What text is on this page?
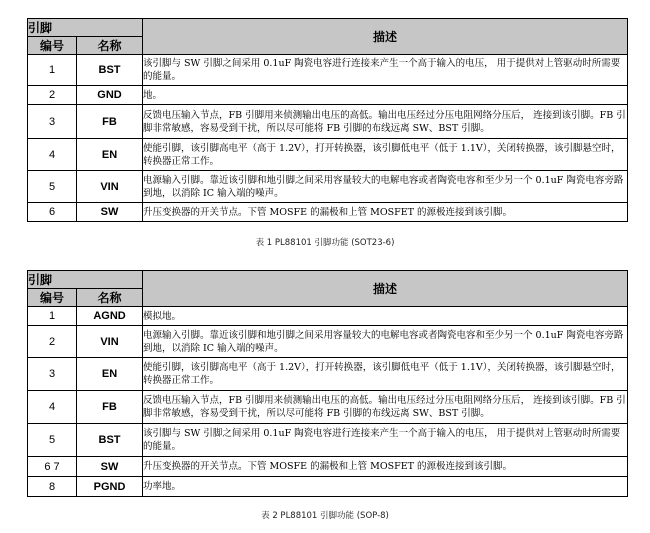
引脚		描述
编号	名称	
1	BST	该引脚与 SW 引脚之间采用 0.1uF 陶瓷电容进行连接来产生一个高于输入的电压， 用于提供对上管驱动时所需要的能量。
2	GND	地。
3	FB	反馈电压输入节点，FB 引脚用来侦测输出电压的高低。输出电压经过分压电阻网络分压后， 连接到该引脚。FB 引脚非常敏感，容易受到干扰，所以尽可能将 FB 引脚的布线远离 SW、BST 引脚。
4	EN	使能引脚，该引脚高电平（高于 1.2V），打开转换器，该引脚低电平（低于 1.1V），关闭转换器，该引脚悬空时，转换器正常工作。
5	VIN	电源输入引脚。靠近该引脚和地引脚之间采用容量较大的电解电容或者陶瓷电容和至少另一个 0.1uF 陶瓷电容旁路到地，以消除 IC 输入端的噪声。
6	SW	升压变换器的开关节点。下管 MOSFE 的漏极和上管 MOSFET 的源极连接到该引脚。
表 1 PL88101 引脚功能 (SOT23-6)
引脚		描述
编号	名称	
1	AGND	模拟地。
2	VIN	电源输入引脚。靠近该引脚和地引脚之间采用容量较大的电解电容或者陶瓷电容和至少另一个 0.1uF 陶瓷电容旁路到地，以消除 IC 输入端的噪声。
3	EN	使能引脚，该引脚高电平（高于 1.2V），打开转换器，该引脚低电平（低于 1.1V），关闭转换器，该引脚悬空时，转换器正常工作。
4	FB	反馈电压输入节点，FB 引脚用来侦测输出电压的高低。输出电压经过分压电阻网络分压后， 连接到该引脚。FB 引脚非常敏感，容易受到干扰，所以尽可能将 FB 引脚的布线远离 SW、BST 引脚。
5	BST	该引脚与 SW 引脚之间采用 0.1uF 陶瓷电容进行连接来产生一个高于输入的电压， 用于提供对上管驱动时所需要的能量。
6 7	SW	升压变换器的开关节点。下管 MOSFE 的漏极和上管 MOSFET 的源极连接到该引脚。
8	PGND	功率地。
表 2 PL88101 引脚功能 (SOP-8)
